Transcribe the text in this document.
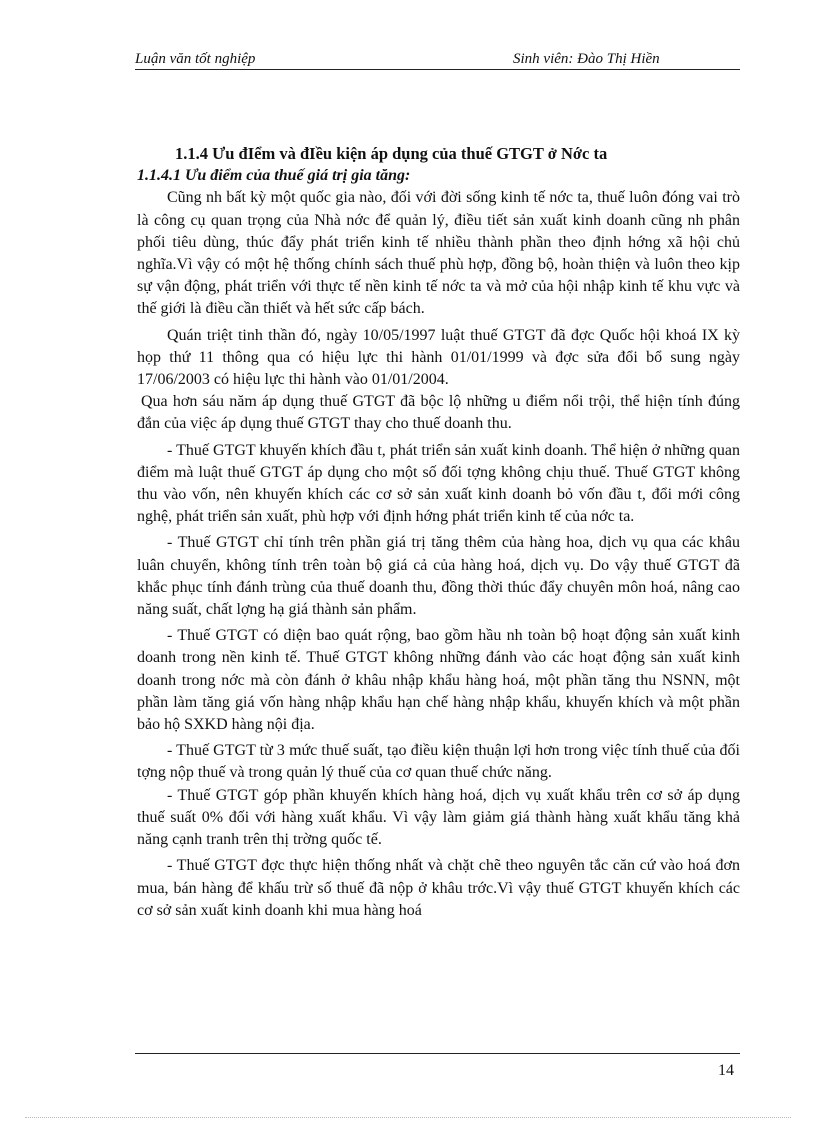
Luận văn tốt nghiệp	Sinh viên: Đào Thị Hiền

1.1.4 Ưu đIểm và đIều kiện áp dụng của thuế GTGT ở Nớc ta

1.1.4.1 Ưu điểm của thuế giá trị gia tăng:

Cũng nh bất kỳ một quốc gia nào, đối với đời sống kinh tế nớc ta, thuế luôn đóng vai trò là công cụ quan trọng của Nhà nớc để quản lý, điều tiết sản xuất kinh doanh cũng nh phân phối tiêu dùng, thúc đẩy phát triển kinh tế nhiều thành phần theo định hớng xã hội chủ nghĩa.Vì vậy có một hệ thống chính sách thuế phù hợp, đồng bộ, hoàn thiện và luôn theo kịp sự vận động, phát triển với thực tế nền kinh tế nớc ta và mở của hội nhập kinh tế khu vực và thế giới là điều cần thiết và hết sức cấp bách.

Quán triệt tinh thần đó, ngày 10/05/1997 luật thuế GTGT đã đợc Quốc hội khoá IX kỳ họp thứ 11 thông qua có hiệu lực thi hành 01/01/1999 và đợc sửa đổi bổ sung ngày 17/06/2003 có hiệu lực thi hành vào 01/01/2004.

Qua hơn sáu năm áp dụng thuế GTGT đã bộc lộ những u điểm nổi trội, thể hiện tính đúng đắn của việc áp dụng thuế GTGT thay cho thuế doanh thu.

- Thuế GTGT khuyến khích đầu t, phát triển sản xuất kinh doanh. Thể hiện ở những quan điểm mà luật thuế GTGT áp dụng cho một số đối tợng không chịu thuế. Thuế GTGT không thu vào vốn, nên khuyến khích các cơ sở sản xuất kinh doanh bỏ vốn đầu t, đổi mới công nghệ, phát triển sản xuất, phù hợp với định hớng phát triển kinh tế của nớc ta.

- Thuế GTGT chỉ tính trên phần giá trị tăng thêm của hàng hoa, dịch vụ qua các khâu luân chuyển, không tính trên toàn bộ giá cả của hàng hoá, dịch vụ. Do vậy thuế GTGT đã khắc phục tính đánh trùng của thuế doanh thu, đồng thời thúc đẩy chuyên môn hoá, nâng cao năng suất, chất lợng hạ giá thành sản phẩm.

- Thuế GTGT có diện bao quát rộng, bao gồm hầu nh toàn bộ hoạt động sản xuất kinh doanh trong nền kinh tế. Thuế GTGT không những đánh vào các hoạt động sản xuất kinh doanh trong nớc mà còn đánh ở khâu nhập khẩu hàng hoá, một phần tăng thu NSNN, một phần làm tăng giá vốn hàng nhập khẩu hạn chế hàng nhập khẩu, khuyến khích và một phần bảo hộ SXKD hàng nội địa.

- Thuế GTGT từ 3 mức thuế suất, tạo điều kiện thuận lợi hơn trong việc tính thuế của đối tợng nộp thuế và trong quản lý thuế của cơ quan thuế chức năng.

- Thuế GTGT góp phần khuyến khích hàng hoá, dịch vụ xuất khẩu trên cơ sở áp dụng thuế suất 0% đối với hàng xuất khẩu. Vì vậy làm giảm giá thành hàng xuất khẩu tăng khả năng cạnh tranh trên thị trờng quốc tế.

- Thuế GTGT đợc thực hiện thống nhất và chặt chẽ theo nguyên tắc căn cứ vào hoá đơn mua, bán hàng để khấu trừ số thuế đã nộp ở khâu trớc.Vì vậy thuế GTGT khuyến khích các cơ sở sản xuất kinh doanh khi mua hàng hoá

14
